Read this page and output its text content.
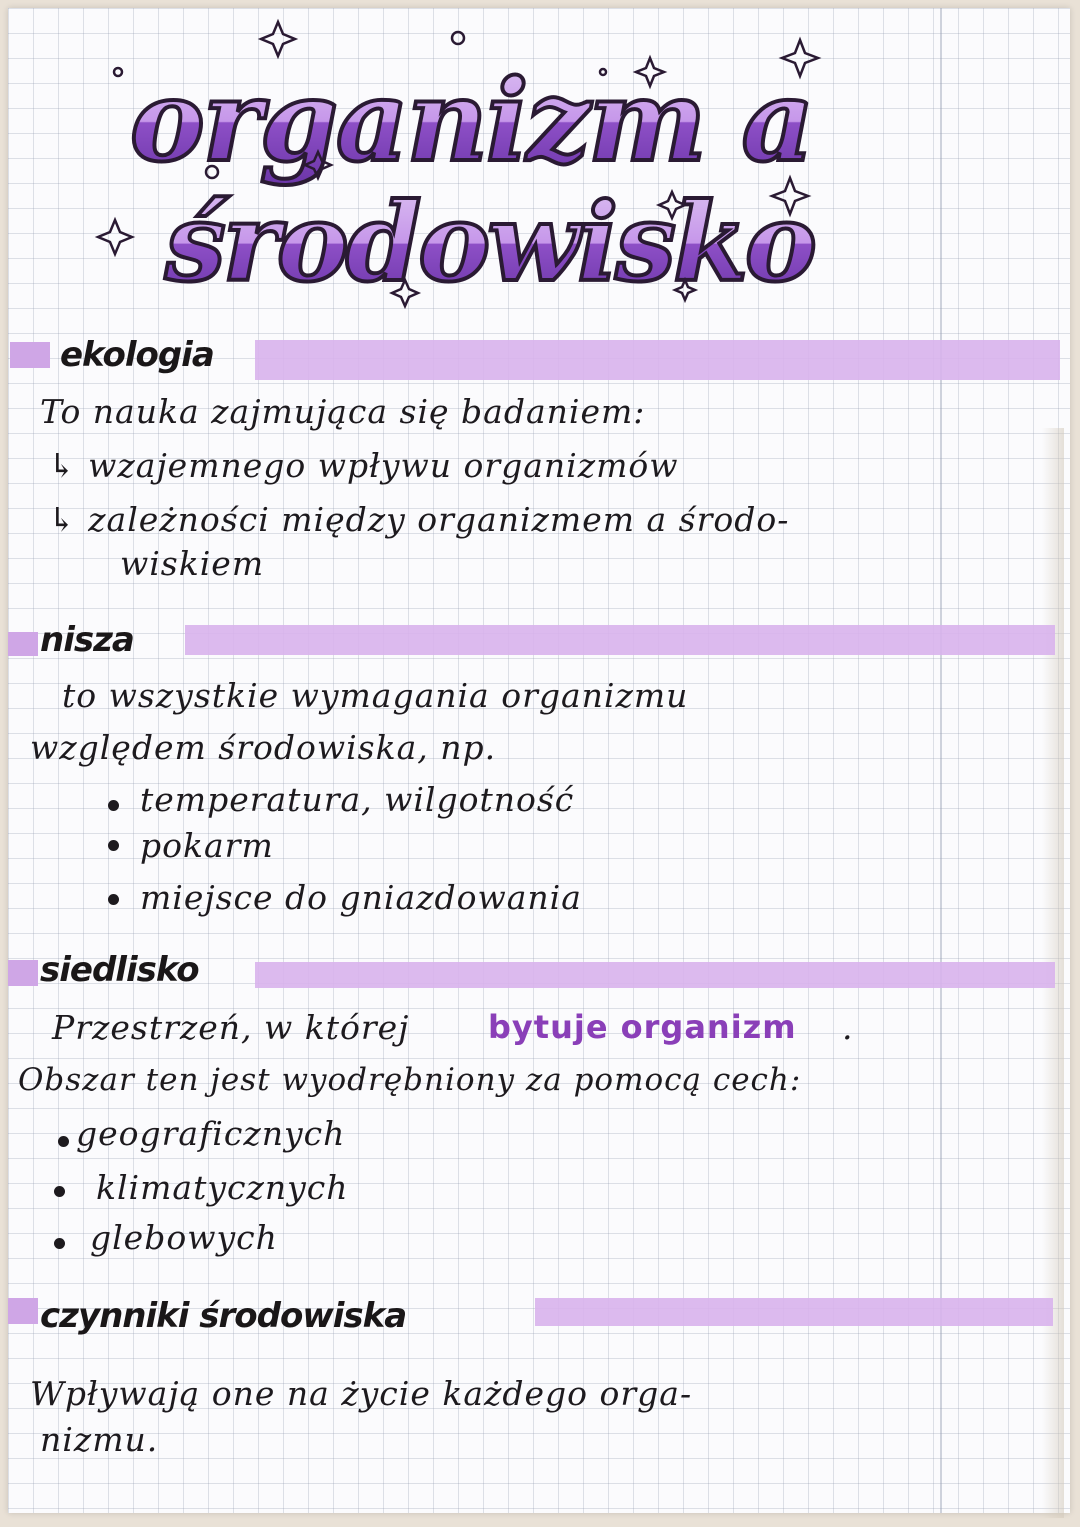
organizm a
środowisko
ekologia
To nauka zajmująca się badaniem:
↳ wzajemnego wpływu organizmów
↳ zależności między organizmem a środo-
wiskiem
nisza
to wszystkie wymagania organizmu
względem środowiska, np.
temperatura, wilgotność
pokarm
miejsce do gniazdowania
siedlisko
Przestrzeń, w której bytuje organizm .
Obszar ten jest wyodrębniony za pomocą cech:
geograficznych
klimatycznych
glebowych
czynniki środowiska
Wpływają one na życie każdego orga-
nizmu.
